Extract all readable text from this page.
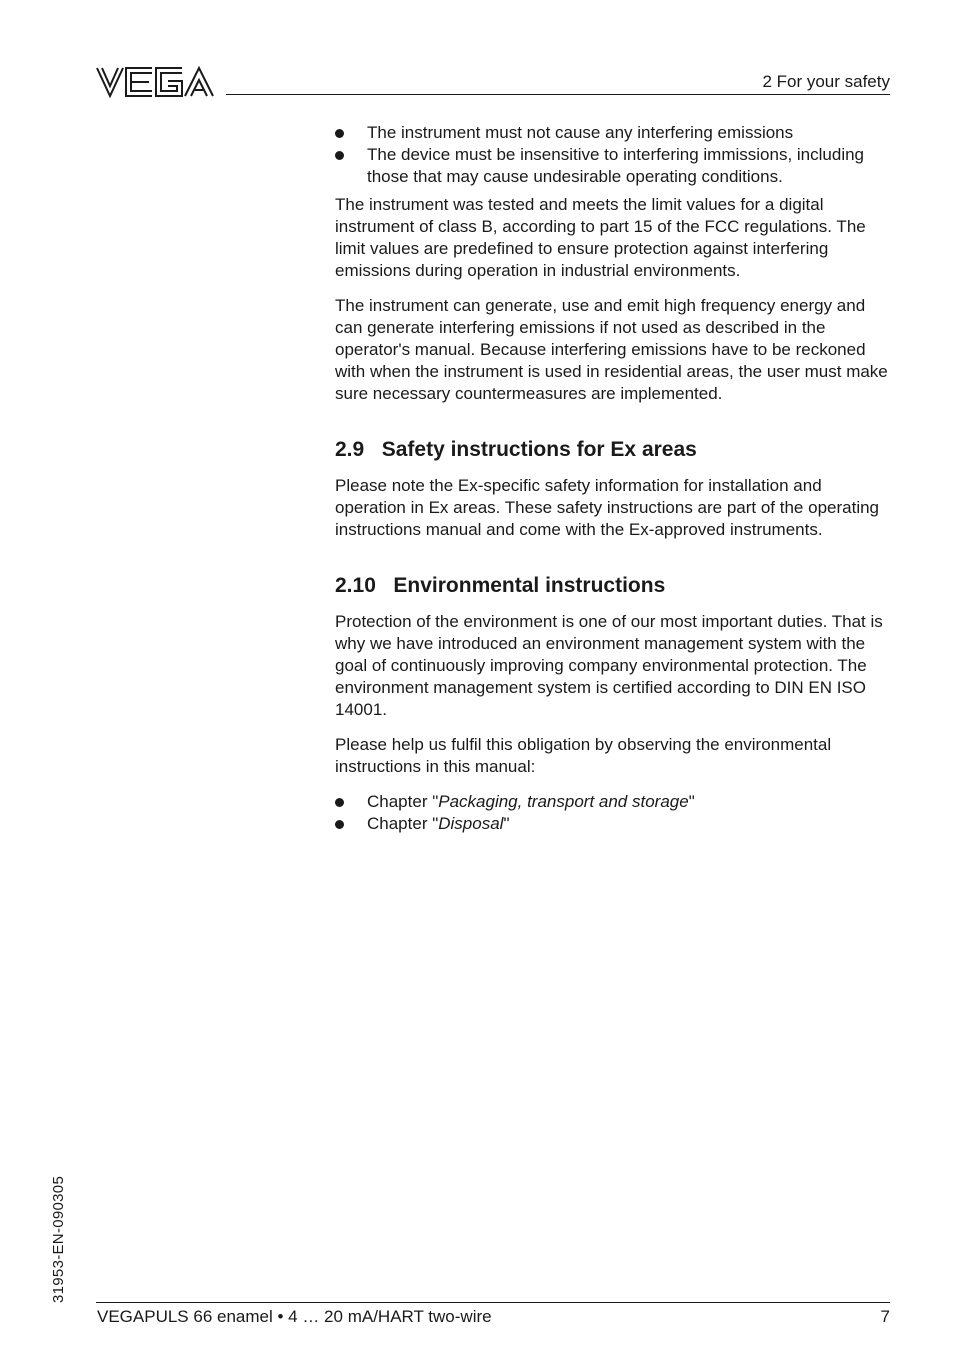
2 For your safety
The instrument must not cause any interfering emissions
The device must be insensitive to interfering immissions, including those that may cause undesirable operating conditions.

The instrument was tested and meets the limit values for a digital instrument of class B, according to part 15 of the FCC regulations. The limit values are predefined to ensure protection against interfering emissions during operation in industrial environments.

The instrument can generate, use and emit high frequency energy and can generate interfering emissions if not used as described in the operator's manual. Because interfering emissions have to be reckoned with when the instrument is used in residential areas, the user must make sure necessary countermeasures are implemented.

2.9 Safety instructions for Ex areas

Please note the Ex-specific safety information for installation and operation in Ex areas. These safety instructions are part of the operating instructions manual and come with the Ex-approved instruments.

2.10 Environmental instructions

Protection of the environment is one of our most important duties. That is why we have introduced an environment management system with the goal of continuously improving company environmental protection. The environment management system is certified according to DIN EN ISO 14001.

Please help us fulfil this obligation by observing the environmental instructions in this manual:

Chapter "Packaging, transport and storage"
Chapter "Disposal"
31953-EN-090305
VEGAPULS 66 enamel • 4 … 20 mA/HART two-wire	7
